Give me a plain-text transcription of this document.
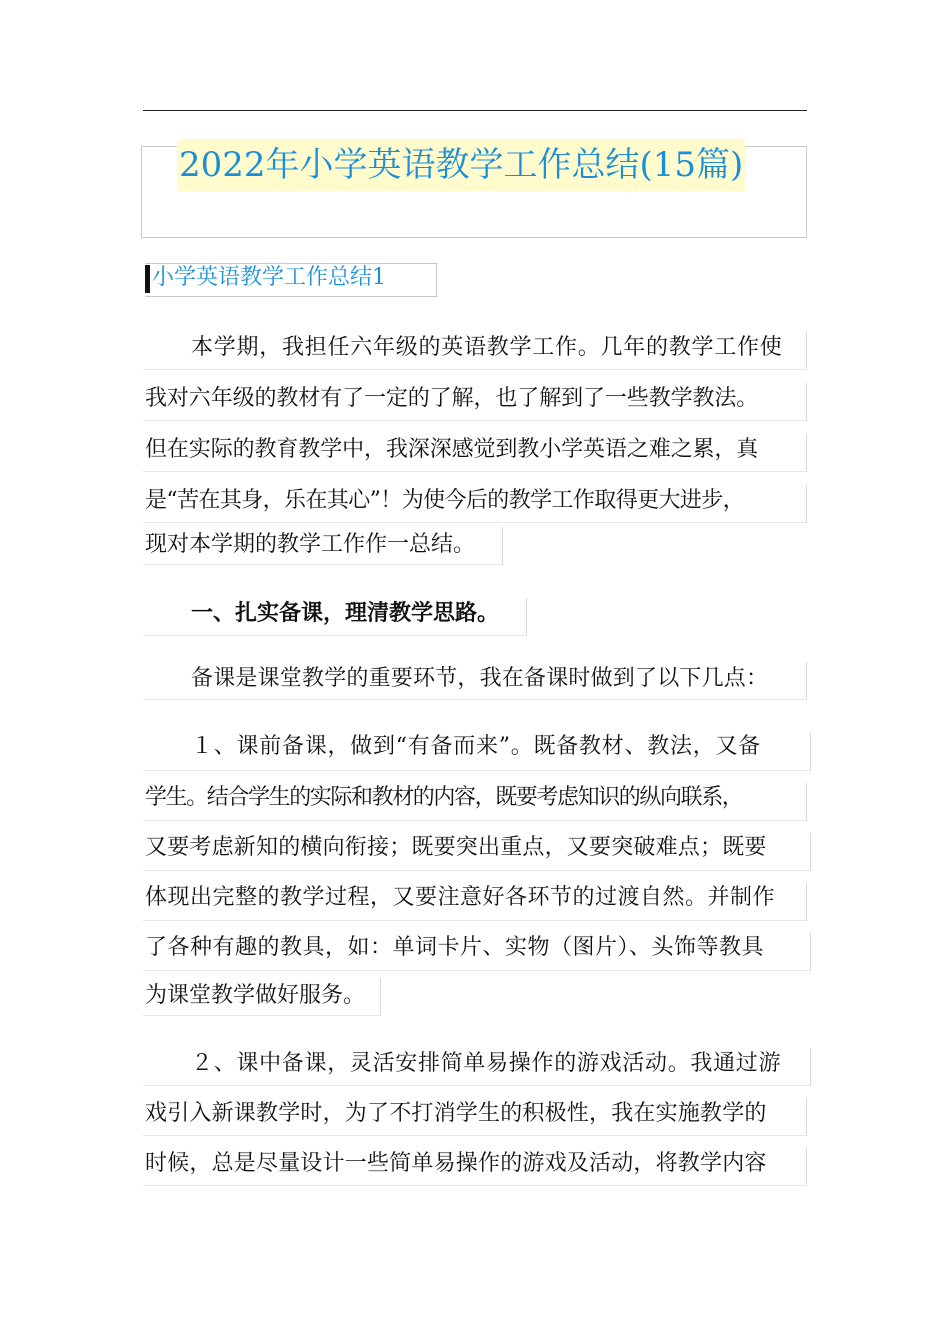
2022年小学英语教学工作总结(15篇)
小学英语教学工作总结1
本学期，我担任六年级的英语教学工作。几年的教学工作使
我对六年级的教材有了一定的了解，也了解到了一些教学教法。
但在实际的教育教学中，我深深感觉到教小学英语之难之累，真
是“苦在其身，乐在其心”！为使今后的教学工作取得更大进步，
现对本学期的教学工作作一总结。
一、扎实备课，理清教学思路。
备课是课堂教学的重要环节，我在备课时做到了以下几点：
１、课前备课，做到“有备而来”。既备教材、教法，又备
学生。结合学生的实际和教材的内容，既要考虑知识的纵向联系，
又要考虑新知的横向衔接；既要突出重点，又要突破难点；既要
体现出完整的教学过程，又要注意好各环节的过渡自然。并制作
了各种有趣的教具，如：单词卡片、实物（图片）、头饰等教具
为课堂教学做好服务。
２、课中备课，灵活安排简单易操作的游戏活动。我通过游
戏引入新课教学时，为了不打消学生的积极性，我在实施教学的
时候，总是尽量设计一些简单易操作的游戏及活动，将教学内容
